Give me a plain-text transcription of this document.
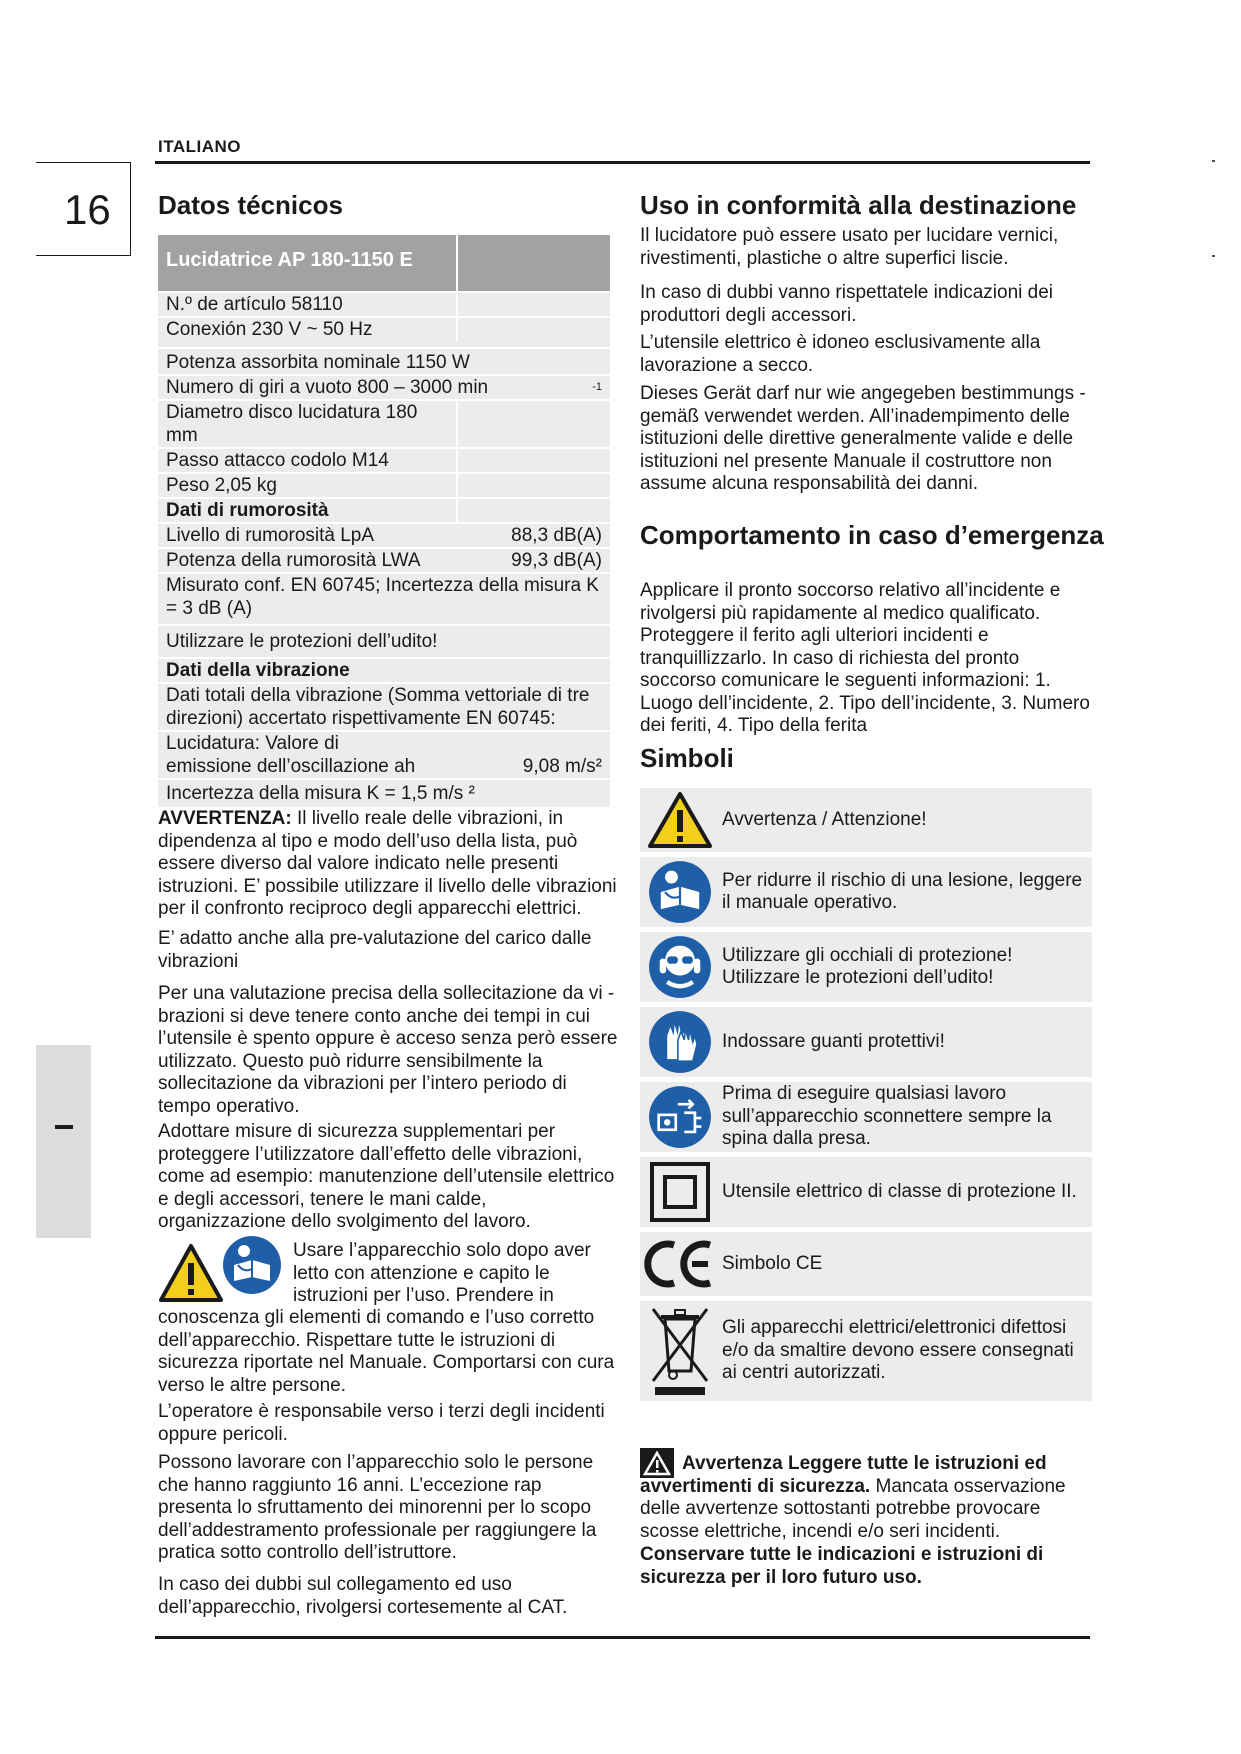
ITALIANO
16 Datos técnicos
Lucidatrice AP 180-1150 E
N.º de artículo 58110
Conexión 230 V ~ 50 Hz
Potenza assorbita nominale 1150 W
Numero di giri a vuoto 800 – 3000 min	$^{-1}$
Diametro disco lucidatura 180 mm
Passo attacco codolo M14
Peso 2,05 kg
Dati di rumorosità
Livello di rumorosità LpA	88,3 dB(A)
Potenza della rumorosità LWA	99,3 dB(A)
Misurato conf. EN 60745; Incertezza della misura K = 3 dB (A)
Utilizzare le protezioni dell’udito!
Dati della vibrazione
Dati totali della vibrazione (Somma vettoriale di tre direzioni) accertato rispettivamente EN 60745:
Lucidatura: Valore di emissione dell’oscillazione ah	9,08 m/s²
Incertezza della misura K = 1,5 m/s ²
AVVERTENZA: Il livello reale delle vibrazioni, in dipendenza al tipo e modo dell’uso della lista, può essere diverso dal valore indicato nelle presenti istruzioni. E’ possibile utilizzare il livello delle vibrazioni per il confronto reciproco degli apparecchi elettrici.
E’ adatto anche alla pre-valutazione del carico dalle vibrazioni
Per una valutazione precisa della sollecitazione da vi - brazioni si deve tenere conto anche dei tempi in cui l’utensile è spento oppure è acceso senza però essere utilizzato. Questo può ridurre sensibilmente la sollecitazione da vibrazioni per l’intero periodo di tempo operativo.
Adottare misure di sicurezza supplementari per proteggere l’utilizzatore dall’effetto delle vibrazioni, come ad esempio: manutenzione dell’utensile elettrico e degli accessori, tenere le mani calde, organizzazione dello svolgimento del lavoro.
Usare l’apparecchio solo dopo aver letto con attenzione e capito le istruzioni per l’uso. Prendere in
conoscenza gli elementi di comando e l’uso corretto dell’apparecchio. Rispettare tutte le istruzioni di sicurezza riportate nel Manuale. Comportarsi con cura verso le altre persone.
L’operatore è responsabile verso i terzi degli incidenti oppure pericoli.
Possono lavorare con l’apparecchio solo le persone che hanno raggiunto 16 anni. L’eccezione rap presenta lo sfruttamento dei minorenni per lo scopo dell’addestramento professionale per raggiungere la pratica sotto controllo dell’istruttore.
In caso dei dubbi sul collegamento ed uso dell’apparecchio, rivolgersi cortesemente al CAT.
Uso in conformità alla destinazione
Il lucidatore può essere usato per lucidare vernici, rivestimenti, plastiche o altre superfici liscie.
In caso di dubbi vanno rispettatele indicazioni dei produttori degli accessori.
L’utensile elettrico è idoneo esclusivamente alla lavorazione a secco.
Dieses Gerät darf nur wie angegeben bestimmungs - gemäß verwendet werden. All’inadempimento delle istituzioni delle direttive generalmente valide e delle istituzioni nel presente Manuale il costruttore non assume alcuna responsabilità dei danni.
Comportamento in caso d’emergenza
Applicare il pronto soccorso relativo all’incidente e rivolgersi più rapidamente al medico qualificato. Proteggere il ferito agli ulteriori incidenti e tranquillizzarlo. In caso di richiesta del pronto soccorso comunicare le seguenti informazioni: 1. Luogo dell’incidente, 2. Tipo dell’incidente, 3. Numero dei feriti, 4. Tipo della ferita
Simboli
Avvertenza / Attenzione!
Per ridurre il rischio di una lesione, leggere il manuale operativo.
Utilizzare gli occhiali di protezione! Utilizzare le protezioni dell’udito!
Indossare guanti protettivi!
Prima di eseguire qualsiasi lavoro sull’apparecchio sconnettere sempre la spina dalla presa.
Utensile elettrico di classe di protezione II.
Simbolo CE
Gli apparecchi elettrici/elettronici difettosi e/o da smaltire devono essere consegnati ai centri autorizzati.
Avvertenza Leggere tutte le istruzioni ed avvertimenti di sicurezza. Mancata osservazione delle avvertenze sottostanti potrebbe provocare scosse elettriche, incendi e/o seri incidenti.
Conservare tutte le indicazioni e istruzioni di sicurezza per il loro futuro uso.
